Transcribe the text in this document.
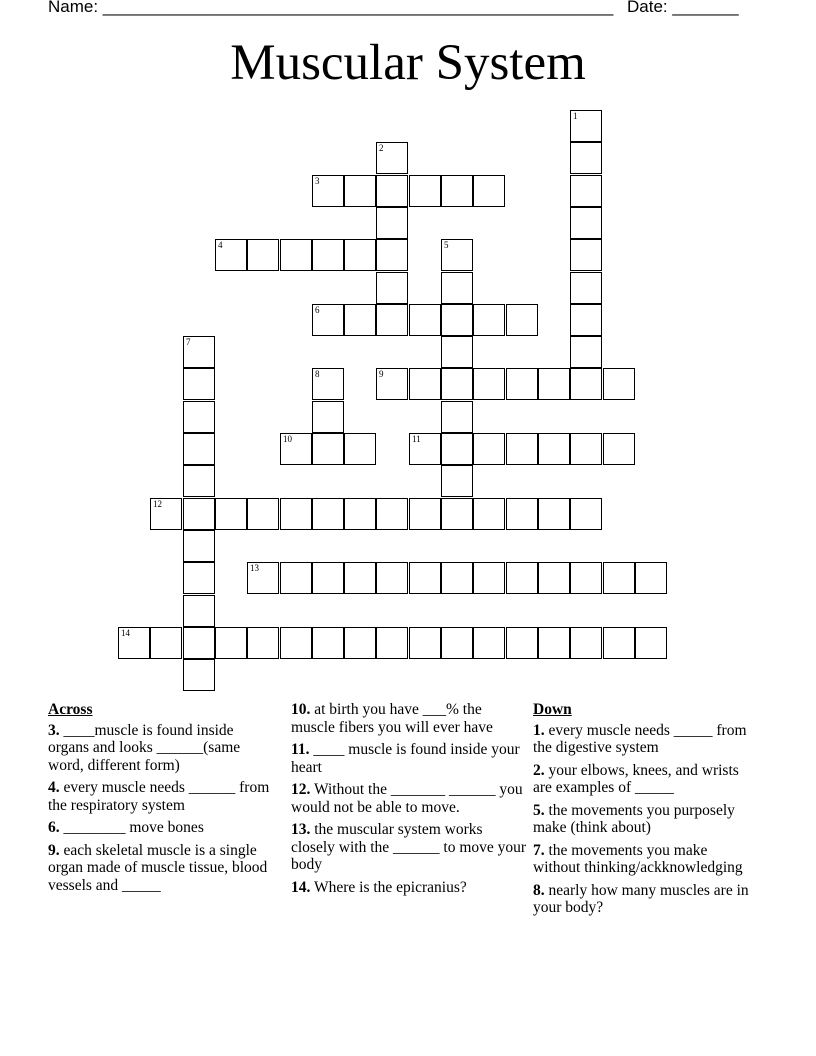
Name: ______________________________________________________ Date: _______
Muscular System
3
4
6
9
10	11
12
13
14
1
2
5
7
8
Across
3. ____muscle is found inside organs and looks ______(same word, different form)
4. every muscle needs ______ from the respiratory system
6. ________ move bones
9. each skeletal muscle is a single organ made of muscle tissue, blood vessels and _____
10. at birth you have ___% the muscle fibers you will ever have
11. ____ muscle is found inside your heart
12. Without the _______ ______ you would not be able to move.
13. the muscular system works closely with the ______ to move your body
14. Where is the epicranius?
Down
1. every muscle needs _____ from the digestive system
2. your elbows, knees, and wrists are examples of _____
5. the movements you purposely make (think about)
7. the movements you make without thinking/ackknowledging
8. nearly how many muscles are in your body?
